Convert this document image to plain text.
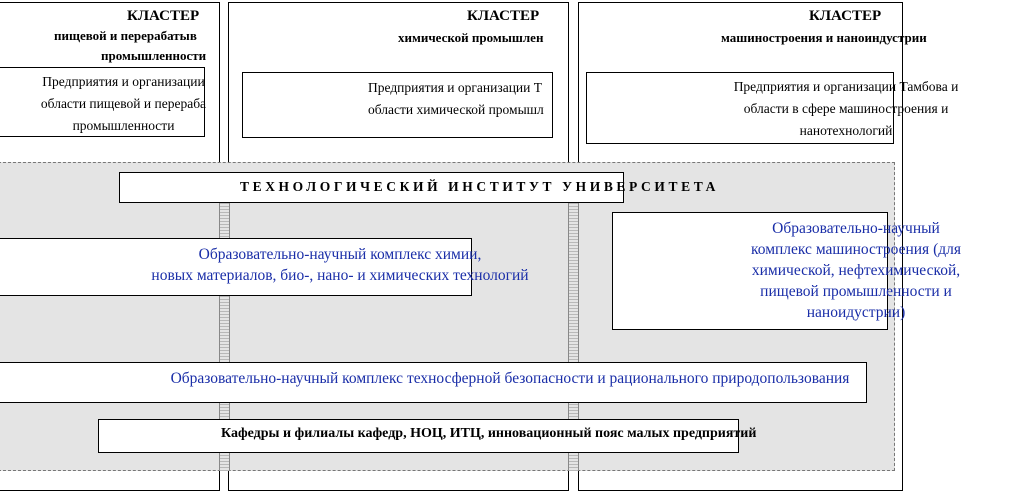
КЛАСТЕР
пищевой и перерабатыв
промышленности
КЛАСТЕР
химической промышлен
КЛАСТЕР
машиностроения и наноиндустрии
Предприятия и организации
области пищевой и перераба
промышленности
Предприятия и организации Т
области химической промышл
Предприятия и организации Тамбова и
области в сфере машиностроения и
нанотехнологий
ТЕХНОЛОГИЧЕСКИЙ ИНСТИТУТ УНИВЕРСИТЕТА
Образовательно-научный комплекс химии,
новых материалов, био-, нано- и химических технологий
Образовательно-научный
комплекс машиностроения (для
химической, нефтехимической,
пищевой промышленности и
наноидустрии)
Образовательно-научный комплекс техносферной безопасности и рационального природопользования
Кафедры и филиалы кафедр, НОЦ, ИТЦ, инновационный пояс малых предприятий
